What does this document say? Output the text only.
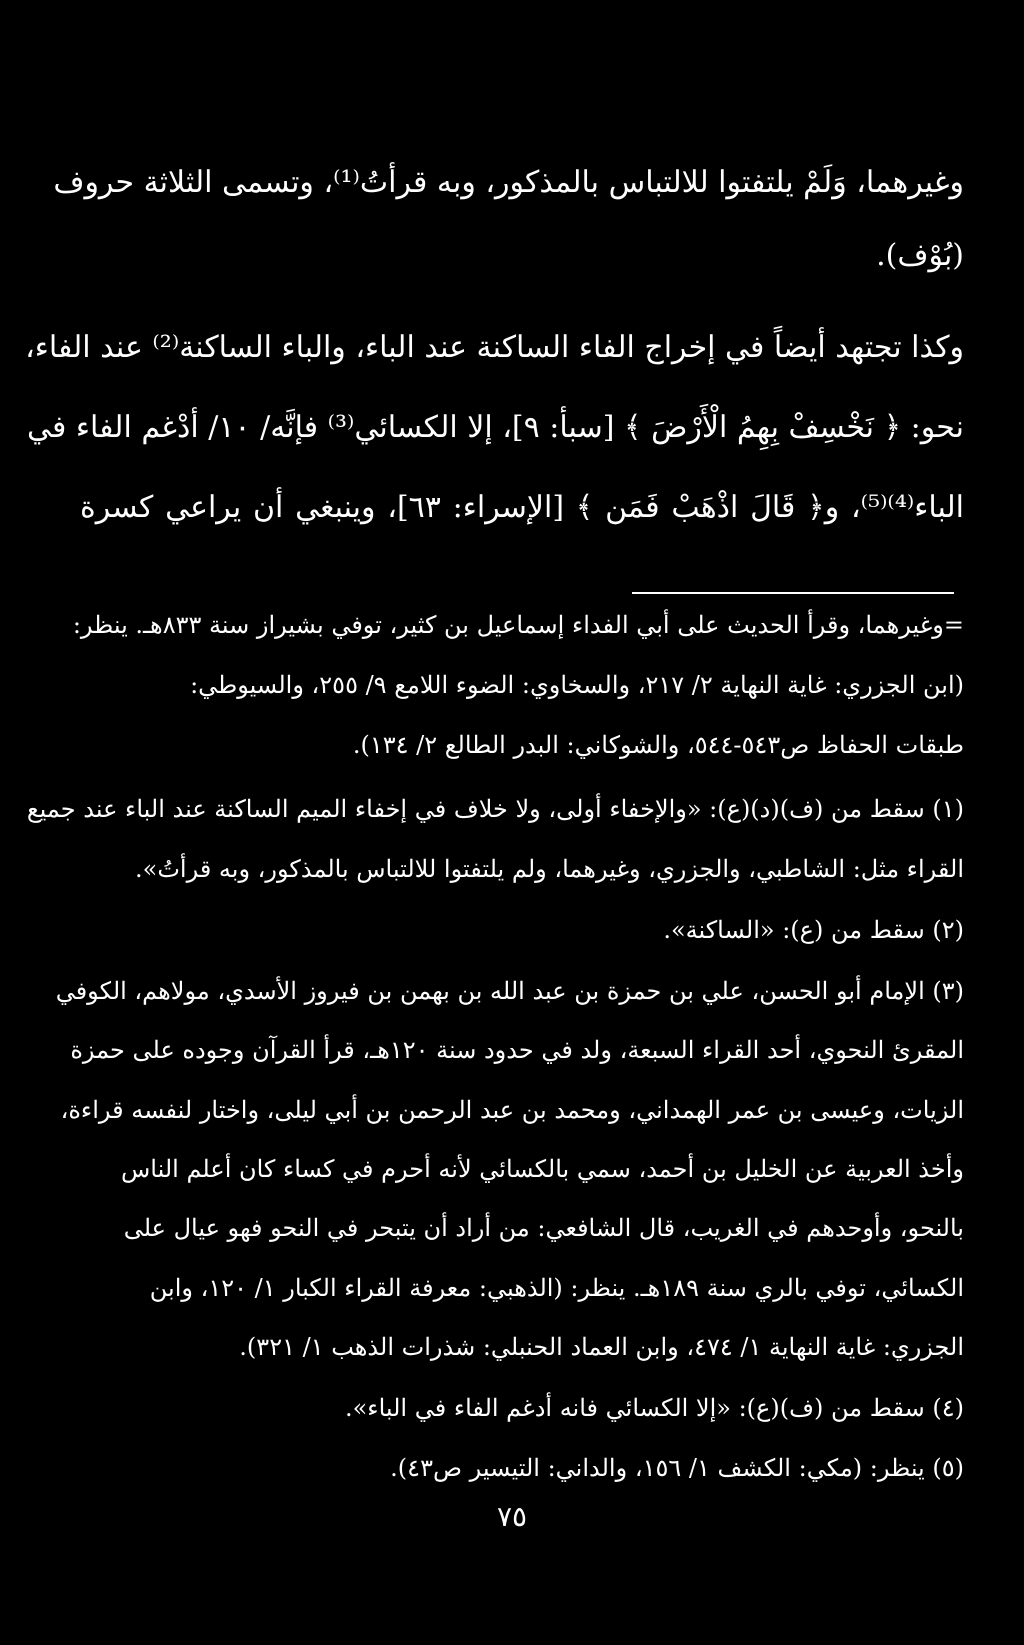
وغيرهما، وَلَمْ يلتفتوا للالتباس بالمذكور، وبه قرأتُ⁽¹⁾، وتسمى الثلاثة حروف
(بُوْف).
وكذا تجتهد أيضاً في إخراج الفاء الساكنة عند الباء، والباء الساكنة⁽²⁾ عند الفاء،
نحو: ﴿ نَخْسِفْ بِهِمُ الْأَرْضَ ﴾ [سبأ: ٩]، إلا الكسائي⁽³⁾ فإنَّه/ ١٠/ أدْغم الفاء في
الباء⁽⁴⁾⁽⁵⁾، و﴿ قَالَ اذْهَبْ فَمَن ﴾ [الإسراء: ٦٣]، وينبغي أن يراعي كسرة
=وغيرهما، وقرأ الحديث على أبي الفداء إسماعيل بن كثير، توفي بشيراز سنة ٨٣٣هـ. ينظر:
(ابن الجزري: غاية النهاية ٢/ ٢١٧، والسخاوي: الضوء اللامع ٩/ ٢٥٥، والسيوطي:
طبقات الحفاظ ص٥٤٣-٥٤٤، والشوكاني: البدر الطالع ٢/ ١٣٤).
(١) سقط من (ف)(د)(ع): «والإخفاء أولى، ولا خلاف في إخفاء الميم الساكنة عند الباء عند جميع
القراء مثل: الشاطبي، والجزري، وغيرهما، ولم يلتفتوا للالتباس بالمذكور، وبه قرأتُ».
(٢) سقط من (ع): «الساكنة».
(٣) الإمام أبو الحسن، علي بن حمزة بن عبد الله بن بهمن بن فيروز الأسدي، مولاهم، الكوفي
المقرئ النحوي، أحد القراء السبعة، ولد في حدود سنة ١٢٠هـ، قرأ القرآن وجوده على حمزة
الزيات، وعيسى بن عمر الهمداني، ومحمد بن عبد الرحمن بن أبي ليلى، واختار لنفسه قراءة،
وأخذ العربية عن الخليل بن أحمد، سمي بالكسائي لأنه أحرم في كساء كان أعلم الناس
بالنحو، وأوحدهم في الغريب، قال الشافعي: من أراد أن يتبحر في النحو فهو عيال على
الكسائي، توفي بالري سنة ١٨٩هـ. ينظر: (الذهبي: معرفة القراء الكبار ١/ ١٢٠، وابن
الجزري: غاية النهاية ١/ ٤٧٤، وابن العماد الحنبلي: شذرات الذهب ١/ ٣٢١).
(٤) سقط من (ف)(ع): «إلا الكسائي فانه أدغم الفاء في الباء».
(٥) ينظر: (مكي: الكشف ١/ ١٥٦، والداني: التيسير ص٤٣).
٧٥
